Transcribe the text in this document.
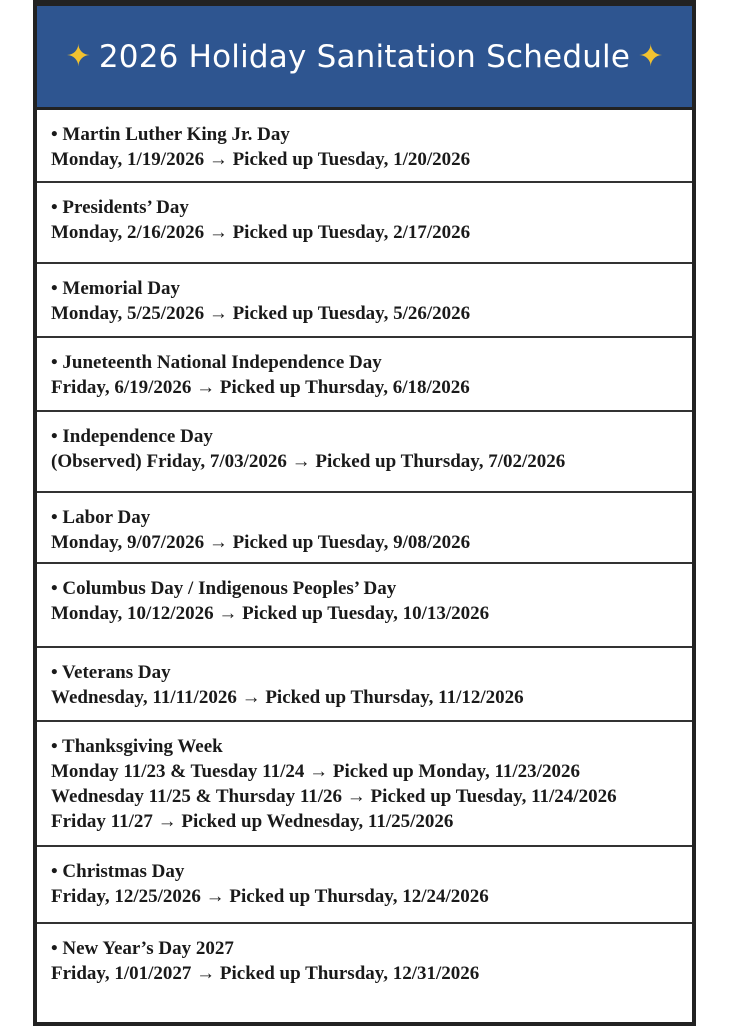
✦ 2026 Holiday Sanitation Schedule ✦
• Martin Luther King Jr. Day
Monday, 1/19/2026 → Picked up Tuesday, 1/20/2026
• Presidents’ Day
Monday, 2/16/2026 → Picked up Tuesday, 2/17/2026
• Memorial Day
Monday, 5/25/2026 → Picked up Tuesday, 5/26/2026
• Juneteenth National Independence Day
Friday, 6/19/2026 → Picked up Thursday, 6/18/2026
• Independence Day
(Observed) Friday, 7/03/2026 → Picked up Thursday, 7/02/2026
• Labor Day
Monday, 9/07/2026 → Picked up Tuesday, 9/08/2026
• Columbus Day / Indigenous Peoples’ Day
Monday, 10/12/2026 → Picked up Tuesday, 10/13/2026
• Veterans Day
Wednesday, 11/11/2026 → Picked up Thursday, 11/12/2026
• Thanksgiving Week
Monday 11/23 & Tuesday 11/24 → Picked up Monday, 11/23/2026
Wednesday 11/25 & Thursday 11/26 → Picked up Tuesday, 11/24/2026
Friday 11/27 → Picked up Wednesday, 11/25/2026
• Christmas Day
Friday, 12/25/2026 → Picked up Thursday, 12/24/2026
• New Year’s Day 2027
Friday, 1/01/2027 → Picked up Thursday, 12/31/2026
